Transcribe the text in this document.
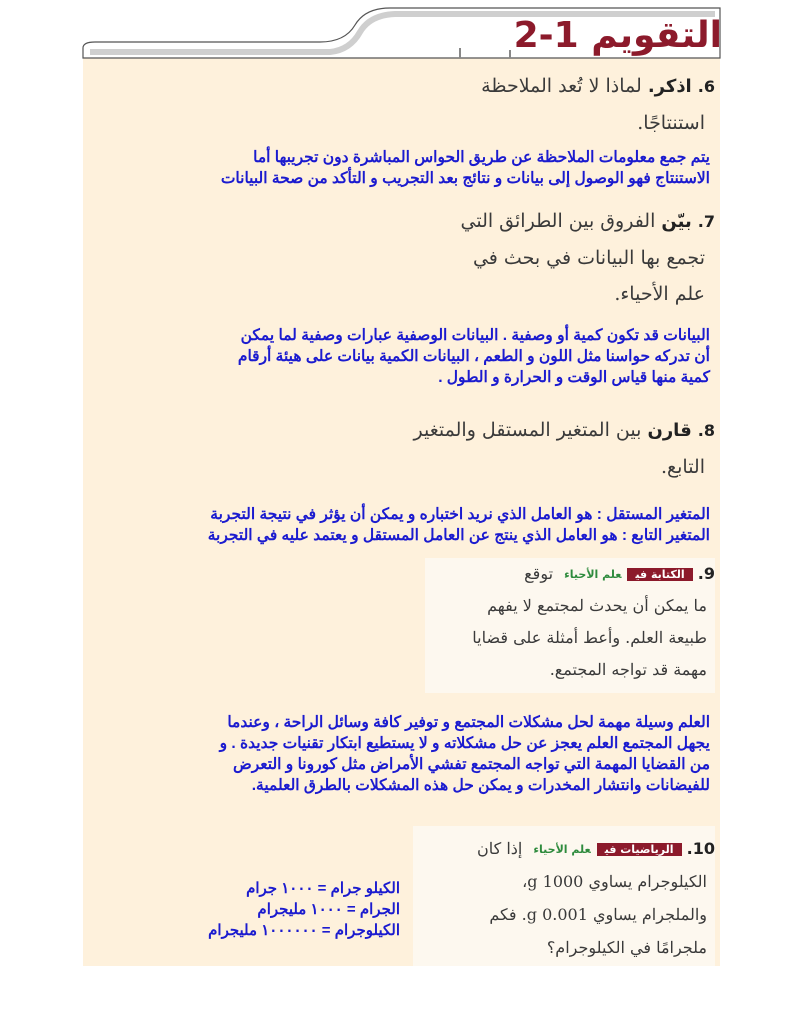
التقويم 1-2
6. اذكر. لماذا لا تُعد الملاحظة
استنتاجًا.
يتم جمع معلومات الملاحظة عن طريق الحواس المباشرة دون تجريبها أما
الاستنتاج فهو الوصول إلى بيانات و نتائج بعد التجريب و التأكد من صحة البيانات
7. بيّن الفروق بين الطرائق التي
تجمع بها البيانات في بحث في
علم الأحياء.
البيانات قد تكون كمية أو وصفية . البيانات الوصفية عبارات وصفية لما يمكن
أن تدركه حواسنا مثل اللون و الطعم ، البيانات الكمية بيانات على هيئة أرقام
كمية منها قياس الوقت و الحرارة و الطول .
8. قارن بين المتغير المستقل والمتغير
التابع.
المتغير المستقل : هو العامل الذي نريد اختباره و يمكن أن يؤثر في نتيجة التجربة
المتغير التابع : هو العامل الذي ينتج عن العامل المستقل و يعتمد عليه في التجربة
9. الكتابة فيعلم الأحياء توقع
ما يمكن أن يحدث لمجتمع لا يفهم
طبيعة العلم. وأعط أمثلة على قضايا
مهمة قد تواجه المجتمع.
العلم وسيلة مهمة لحل مشكلات المجتمع و توفير كافة وسائل الراحة ، وعندما
يجهل المجتمع العلم يعجز عن حل مشكلاته و لا يستطيع ابتكار تقنيات جديدة . و
من القضايا المهمة التي تواجه المجتمع تفشي الأمراض مثل كورونا و التعرض
للفيضانات وانتشار المخدرات و يمكن حل هذه المشكلات بالطرق العلمية.
10. الرياضيات فيعلم الأحياء إذا كان
الكيلوجرام يساوي 1000 g،
والملجرام يساوي 0.001 g. فكم
ملجرامًا في الكيلوجرام؟
الكيلو جرام = ١٠٠٠ جرام
الجرام = ١٠٠٠ مليجرام
الكيلوجرام = ١٠٠٠٠٠٠ مليجرام
